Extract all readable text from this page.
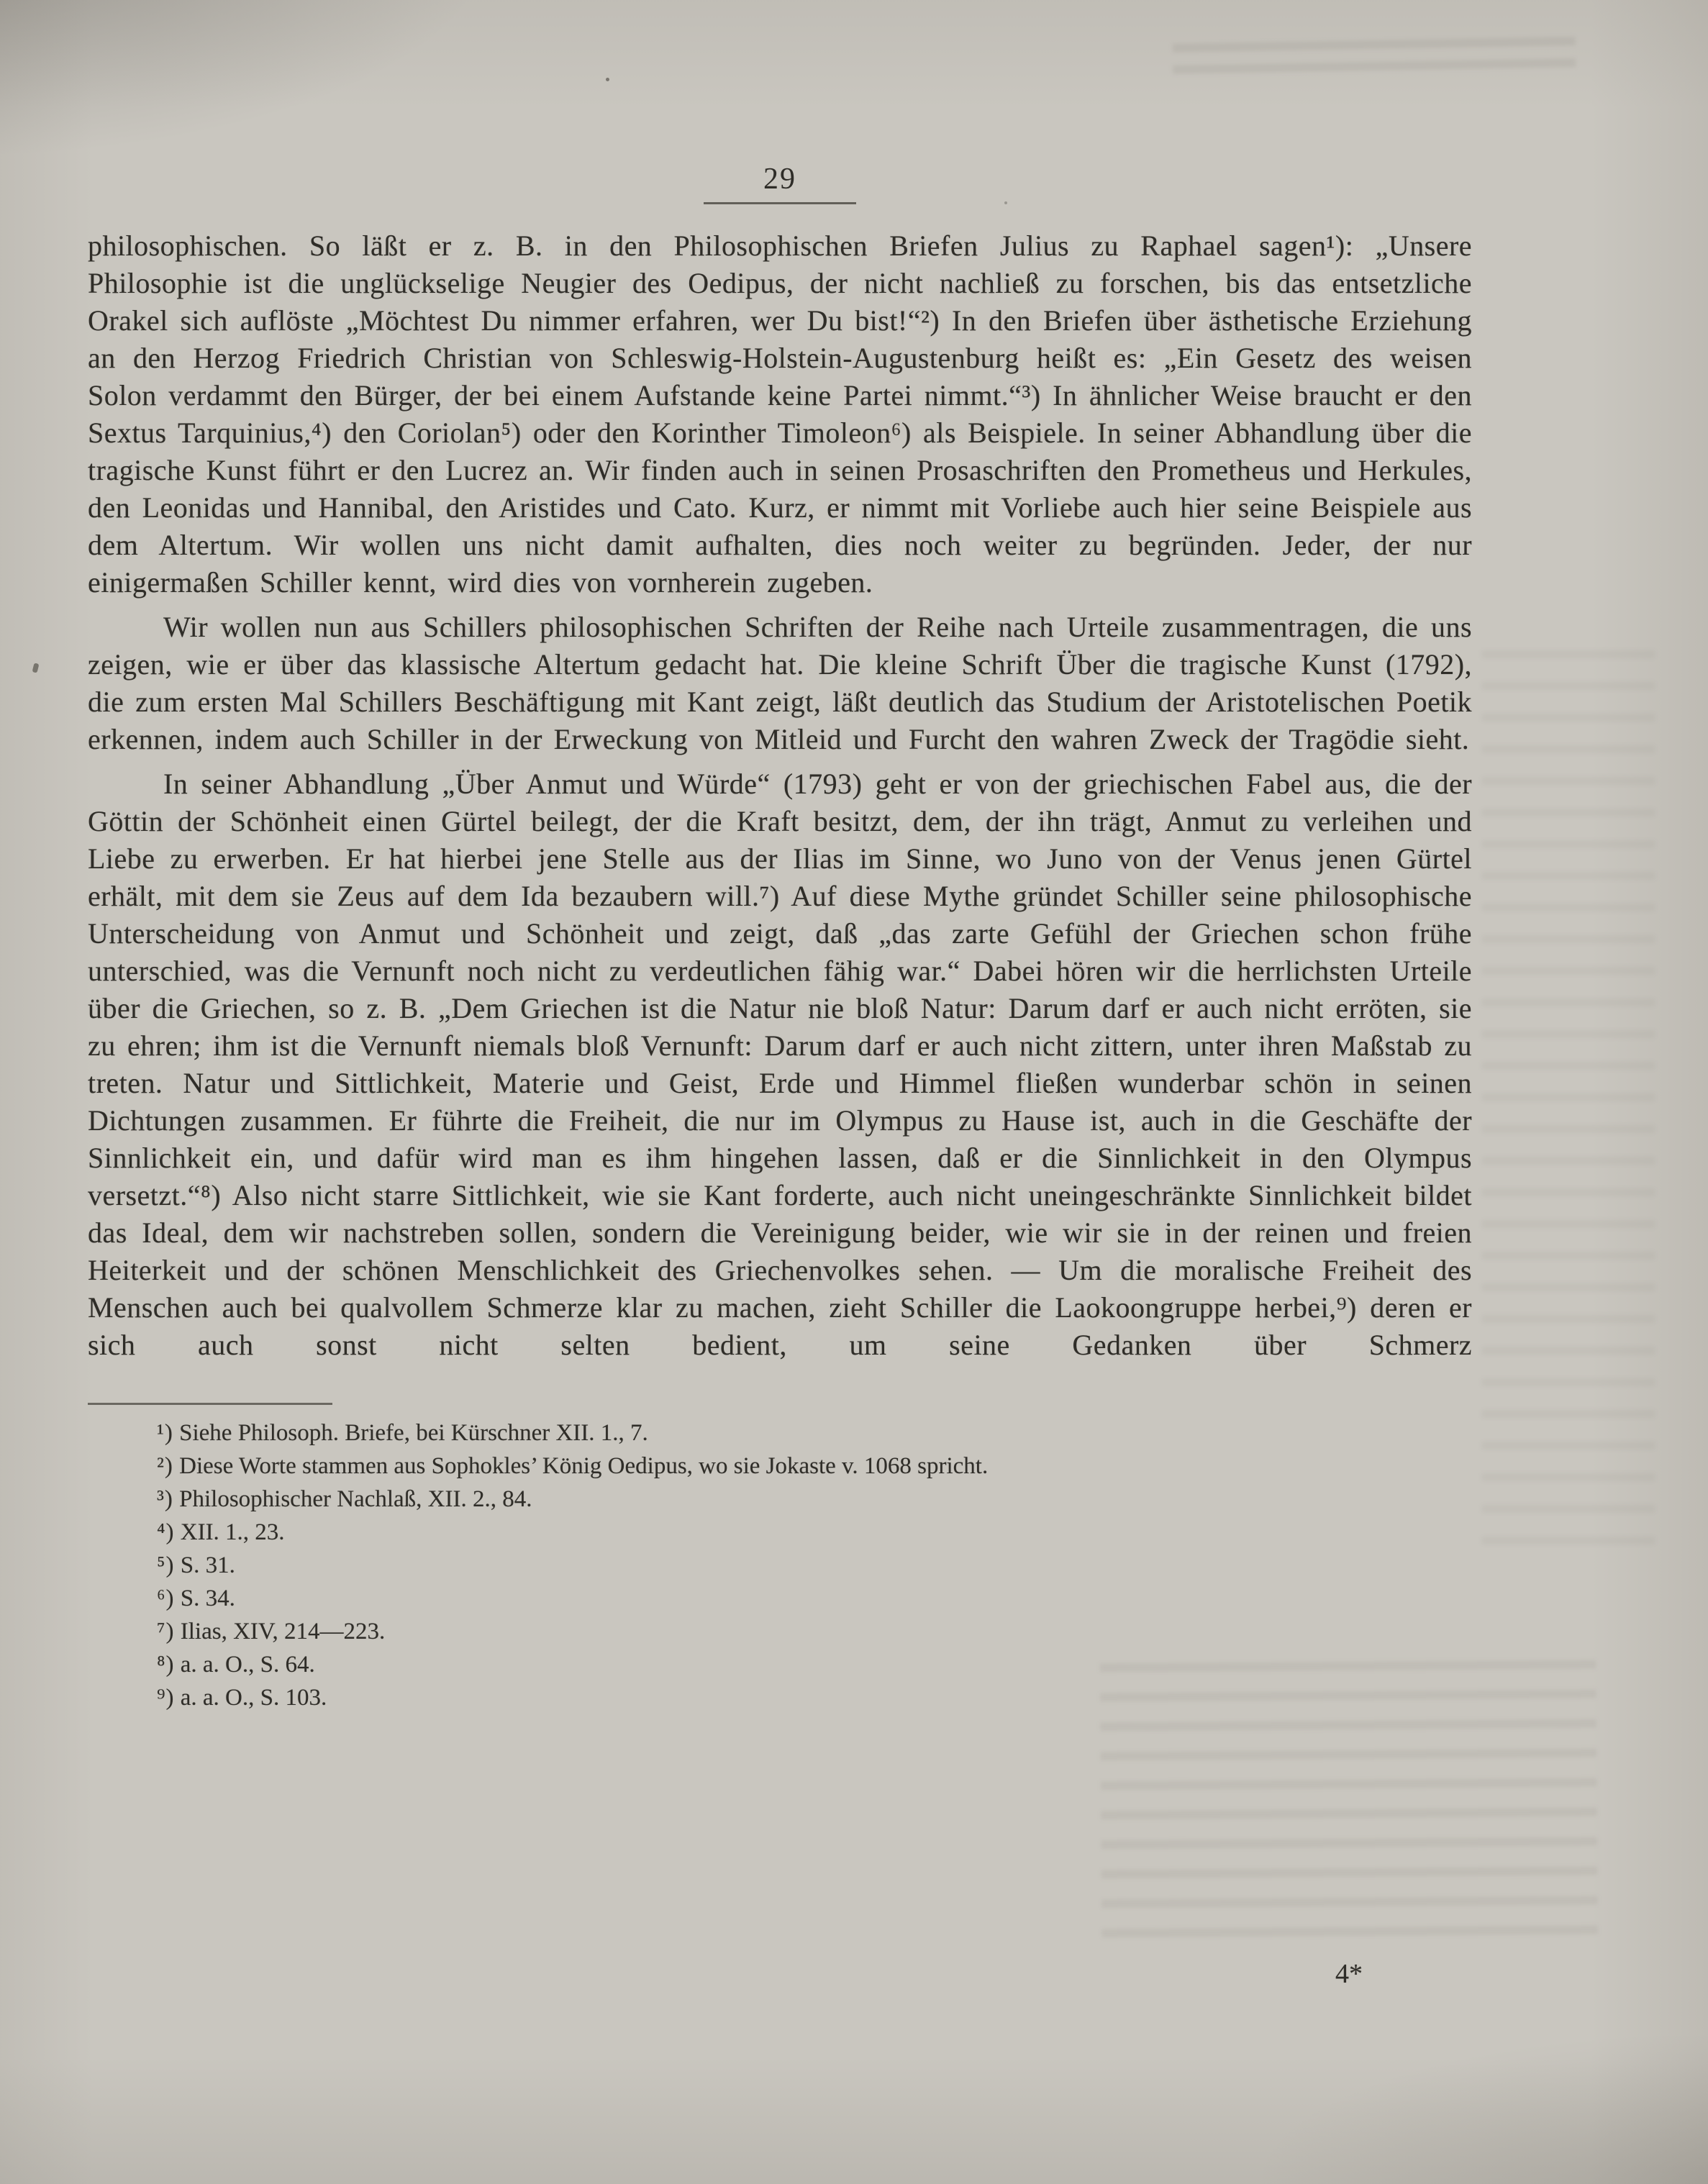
29

philosophischen. So läßt er z. B. in den Philosophischen Briefen Julius zu Raphael sagen¹): „Unsere Philosophie ist die unglückselige Neugier des Oedipus, der nicht nachließ zu forschen, bis das entsetzliche Orakel sich auflöste „Möchtest Du nimmer erfahren, wer Du bist!“²) In den Briefen über ästhetische Erziehung an den Herzog Friedrich Christian von Schleswig-Holstein-Augustenburg heißt es: „Ein Gesetz des weisen Solon verdammt den Bürger, der bei einem Aufstande keine Partei nimmt.“³) In ähnlicher Weise braucht er den Sextus Tarquinius,⁴) den Coriolan⁵) oder den Korinther Timoleon⁶) als Beispiele. In seiner Abhandlung über die tragische Kunst führt er den Lucrez an. Wir finden auch in seinen Prosaschriften den Prometheus und Herkules, den Leonidas und Hannibal, den Aristides und Cato. Kurz, er nimmt mit Vorliebe auch hier seine Beispiele aus dem Altertum. Wir wollen uns nicht damit aufhalten, dies noch weiter zu begründen. Jeder, der nur einigermaßen Schiller kennt, wird dies von vornherein zugeben.

Wir wollen nun aus Schillers philosophischen Schriften der Reihe nach Urteile zusammentragen, die uns zeigen, wie er über das klassische Altertum gedacht hat. Die kleine Schrift Über die tragische Kunst (1792), die zum ersten Mal Schillers Beschäftigung mit Kant zeigt, läßt deutlich das Studium der Aristotelischen Poetik erkennen, indem auch Schiller in der Erweckung von Mitleid und Furcht den wahren Zweck der Tragödie sieht.

In seiner Abhandlung „Über Anmut und Würde“ (1793) geht er von der griechischen Fabel aus, die der Göttin der Schönheit einen Gürtel beilegt, der die Kraft besitzt, dem, der ihn trägt, Anmut zu verleihen und Liebe zu erwerben. Er hat hierbei jene Stelle aus der Ilias im Sinne, wo Juno von der Venus jenen Gürtel erhält, mit dem sie Zeus auf dem Ida bezaubern will.⁷) Auf diese Mythe gründet Schiller seine philosophische Unterscheidung von Anmut und Schönheit und zeigt, daß „das zarte Gefühl der Griechen schon frühe unterschied, was die Vernunft noch nicht zu verdeutlichen fähig war.“ Dabei hören wir die herrlichsten Urteile über die Griechen, so z. B. „Dem Griechen ist die Natur nie bloß Natur: Darum darf er auch nicht erröten, sie zu ehren; ihm ist die Vernunft niemals bloß Vernunft: Darum darf er auch nicht zittern, unter ihren Maßstab zu treten. Natur und Sittlichkeit, Materie und Geist, Erde und Himmel fließen wunderbar schön in seinen Dichtungen zusammen. Er führte die Freiheit, die nur im Olympus zu Hause ist, auch in die Geschäfte der Sinnlichkeit ein, und dafür wird man es ihm hingehen lassen, daß er die Sinnlichkeit in den Olympus versetzt.“⁸) Also nicht starre Sittlichkeit, wie sie Kant forderte, auch nicht uneingeschränkte Sinnlichkeit bildet das Ideal, dem wir nachstreben sollen, sondern die Vereinigung beider, wie wir sie in der reinen und freien Heiterkeit und der schönen Menschlichkeit des Griechenvolkes sehen. — Um die moralische Freiheit des Menschen auch bei qualvollem Schmerze klar zu machen, zieht Schiller die Laokoongruppe herbei,⁹) deren er sich auch sonst nicht selten bedient, um seine Gedanken über Schmerz

¹) Siehe Philosoph. Briefe, bei Kürschner XII. 1., 7.
²) Diese Worte stammen aus Sophokles’ König Oedipus, wo sie Jokaste v. 1068 spricht.
³) Philosophischer Nachlaß, XII. 2., 84.
⁴) XII. 1., 23.
⁵) S. 31.
⁶) S. 34.
⁷) Ilias, XIV, 214—223.
⁸) a. a. O., S. 64.
⁹) a. a. O., S. 103.
4*
